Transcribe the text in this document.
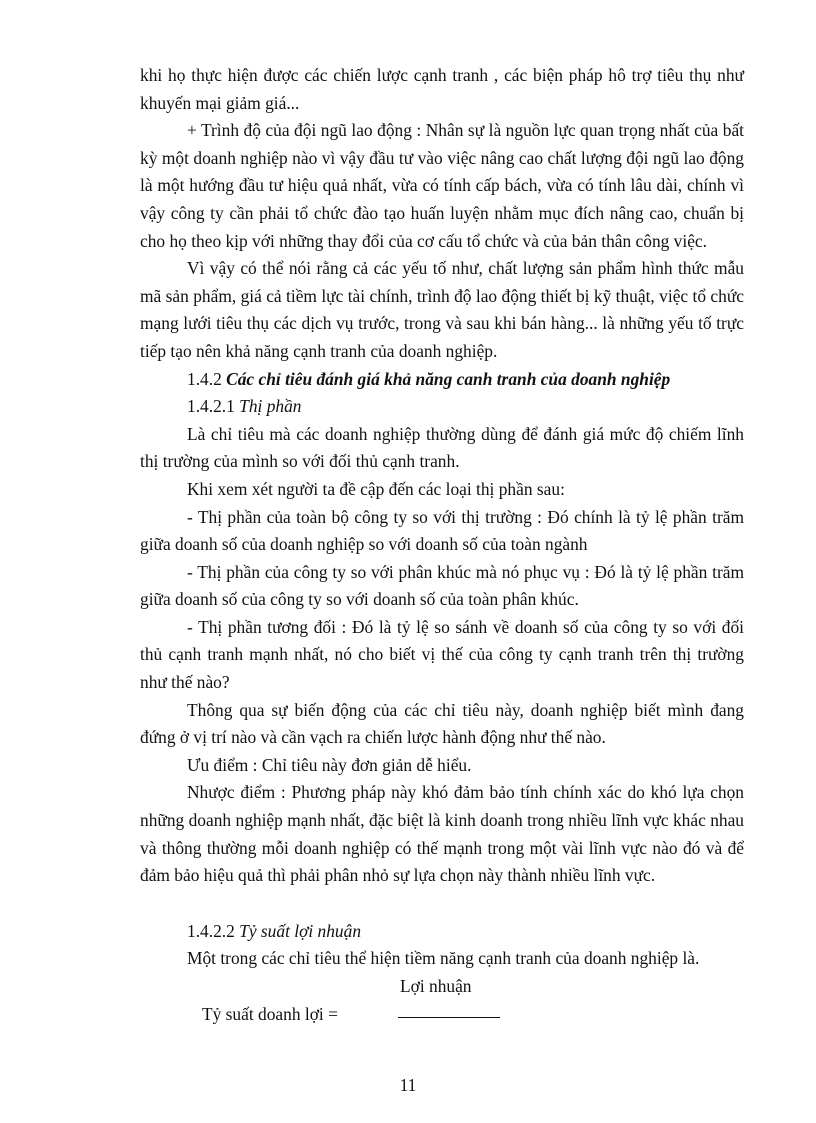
khi họ thực hiện được các chiến lược cạnh tranh , các biện pháp hô trợ tiêu thụ như khuyến mại giảm giá...

+ Trình độ của đội ngũ lao động : Nhân sự là nguồn lực quan trọng nhất của bất kỳ một doanh nghiệp nào vì vậy đầu tư vào việc nâng cao chất lượng đội ngũ lao động là một hướng đầu tư hiệu quả nhất, vừa có tính cấp bách, vừa có tính lâu dài, chính vì vậy công ty cần phải tổ chức đào tạo huấn luyện nhằm mục đích nâng cao, chuẩn bị cho họ theo kịp với những thay đổi của cơ cấu tổ chức và của bản thân công việc.

Vì vậy có thể nói rằng cả các yếu tố như, chất lượng sản phẩm hình thức mẫu mã sản phẩm, giá cả tiềm lực tài chính, trình độ lao động thiết bị kỹ thuật, việc tổ chức mạng lưới tiêu thụ các dịch vụ trước, trong và sau khi bán hàng... là những yếu tố trực tiếp tạo nên khả năng cạnh tranh của doanh nghiệp.

1.4.2 Các chỉ tiêu đánh giá khả năng canh tranh của doanh nghiệp

1.4.2.1 Thị phần

Là chỉ tiêu mà các doanh nghiệp thường dùng để đánh giá mức độ chiếm lĩnh thị trường của mình so với đối thủ cạnh tranh.

Khi xem xét người ta đề cập đến các loại thị phần sau:

- Thị phần của toàn bộ công ty so với thị trường : Đó chính là tỷ lệ phần trăm giữa doanh số của doanh nghiệp so với doanh số của toàn ngành

- Thị phần của công ty so với phân khúc mà nó phục vụ : Đó là tỷ lệ phần trăm giữa doanh số của công ty so với doanh số của toàn phân khúc.

- Thị phần tương đối : Đó là tỷ lệ so sánh về doanh số của công ty so với đối thủ cạnh tranh mạnh nhất, nó cho biết vị thế của công ty cạnh tranh trên thị trường như thế nào?

Thông qua sự biến động của các chỉ tiêu này, doanh nghiệp biết mình đang đứng ở vị trí nào và cần vạch ra chiến lược hành động như thế nào.

Ưu điểm : Chỉ tiêu này đơn giản dễ hiểu.

Nhược điểm : Phương pháp này khó đảm bảo tính chính xác do khó lựa chọn những doanh nghiệp mạnh nhất, đặc biệt là kinh doanh trong nhiều lĩnh vực khác nhau và thông thường mỗi doanh nghiệp có thế mạnh trong một vài lĩnh vực nào đó và để đảm bảo hiệu quả thì phải phân nhỏ sự lựa chọn này thành nhiều lĩnh vực.

1.4.2.2 Tỷ suất lợi nhuận

Một trong các chỉ tiêu thể hiện tiềm năng cạnh tranh của doanh nghiệp là.

Lợi nhuận
Tỷ suất doanh lợi =
11
